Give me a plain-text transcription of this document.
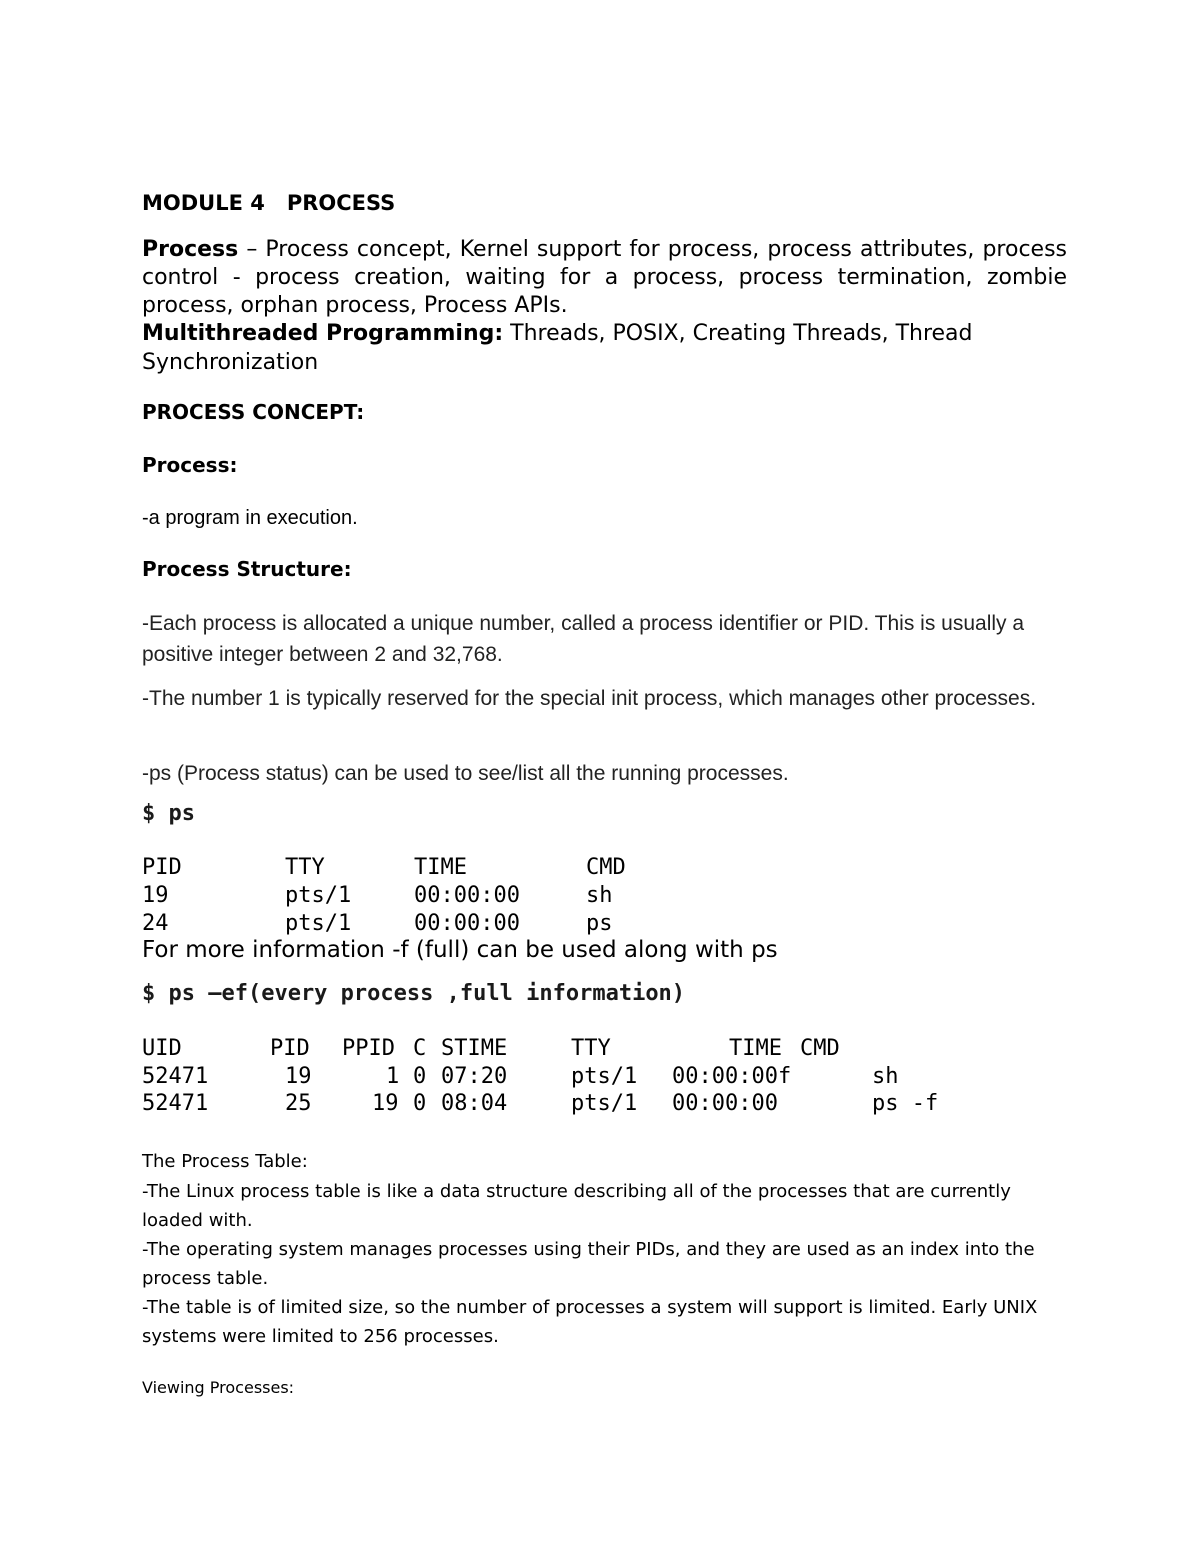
MODULE 4   PROCESS
Process – Process concept, Kernel support for process, process attributes, process control - process creation, waiting for a process, process termination, zombie process, orphan process, Process APIs.
Multithreaded Programming: Threads, POSIX, Creating Threads, Thread Synchronization
PROCESS CONCEPT:
Process:
-a program in execution.
Process Structure:
-Each process is allocated a unique number, called a process identifier or PID. This is usually a positive integer between 2 and 32,768.
-The number 1 is typically reserved for the special init process, which manages other processes.
-ps (Process status) can be used to see/list all the running processes.
$ ps
PID	TTY	TIME	CMD
19	pts/1	00:00:00	sh
24	pts/1	00:00:00	ps
For more information -f (full) can be used along with ps
$ ps –ef(every process ,full information)
UID	PID PPID C STIME	TTY	TIME CMD
52471	19	1 0 07:20	pts/1 00:00:00f	sh
52471	25	19 0 08:04	pts/1 00:00:00	ps -f
The Process Table:
-The Linux process table is like a data structure describing all of the processes that are currently loaded with.
-The operating system manages processes using their PIDs, and they are used as an index into the process table.
-The table is of limited size, so the number of processes a system will support is limited. Early UNIX systems were limited to 256 processes.
Viewing Processes:
